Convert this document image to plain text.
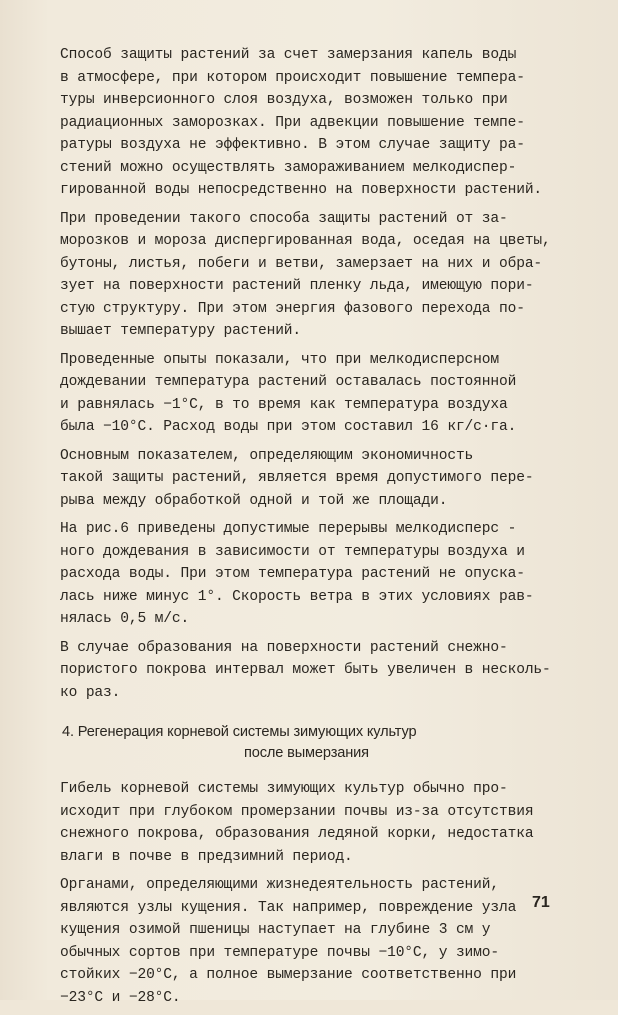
Способ защиты растений за счет замерзания капель воды
в атмосфере, при котором происходит повышение темпера-
туры инверсионного слоя воздуха, возможен только при
радиационных заморозках. При адвекции повышение темпе-
ратуры воздуха не эффективно. В этом случае защиту ра-
стений можно осуществлять замораживанием мелкодиспер-
гированной воды непосредственно на поверхности растений.
При проведении такого способа защиты растений от за-
морозков и мороза диспергированная вода, оседая на цветы,
бутоны, листья, побеги и ветви, замерзает на них и обра-
зует на поверхности растений пленку льда, имеющую пори-
стую структуру. При этом энергия фазового перехода по-
вышает температуру растений.
Проведенные опыты показали, что при мелкодисперсном
дождевании температура растений оставалась постоянной
и равнялась −1°C, в то время как температура воздуха
была −10°C. Расход воды при этом составил 16 кг/с·га.
Основным показателем, определяющим экономичность
такой защиты растений, является время допустимого пере-
рыва между обработкой одной и той же площади.
На рис.6 приведены допустимые перерывы мелкодисперс -
ного дождевания в зависимости от температуры воздуха и
расхода воды. При этом температура растений не опуска-
лась ниже минус 1°. Скорость ветра в этих условиях рав-
нялась 0,5 м/с.
В случае образования на поверхности растений снежно-
пористого покрова интервал может быть увеличен в несколь-
ко раз.
4. Регенерация корневой системы зимующих культур
после вымерзания
Гибель корневой системы зимующих культур обычно про-
исходит при глубоком промерзании почвы из-за отсутствия
снежного покрова, образования ледяной корки, недостатка
влаги в почве в предзимний период.
Органами, определяющими жизнедеятельность растений,
являются узлы кущения. Так например, повреждение узла
кущения озимой пшеницы наступает на глубине 3 см у
обычных сортов при температуре почвы −10°C, у зимо-
стойких −20°C, а полное вымерзание соответственно при
−23°C и −28°C.
71
